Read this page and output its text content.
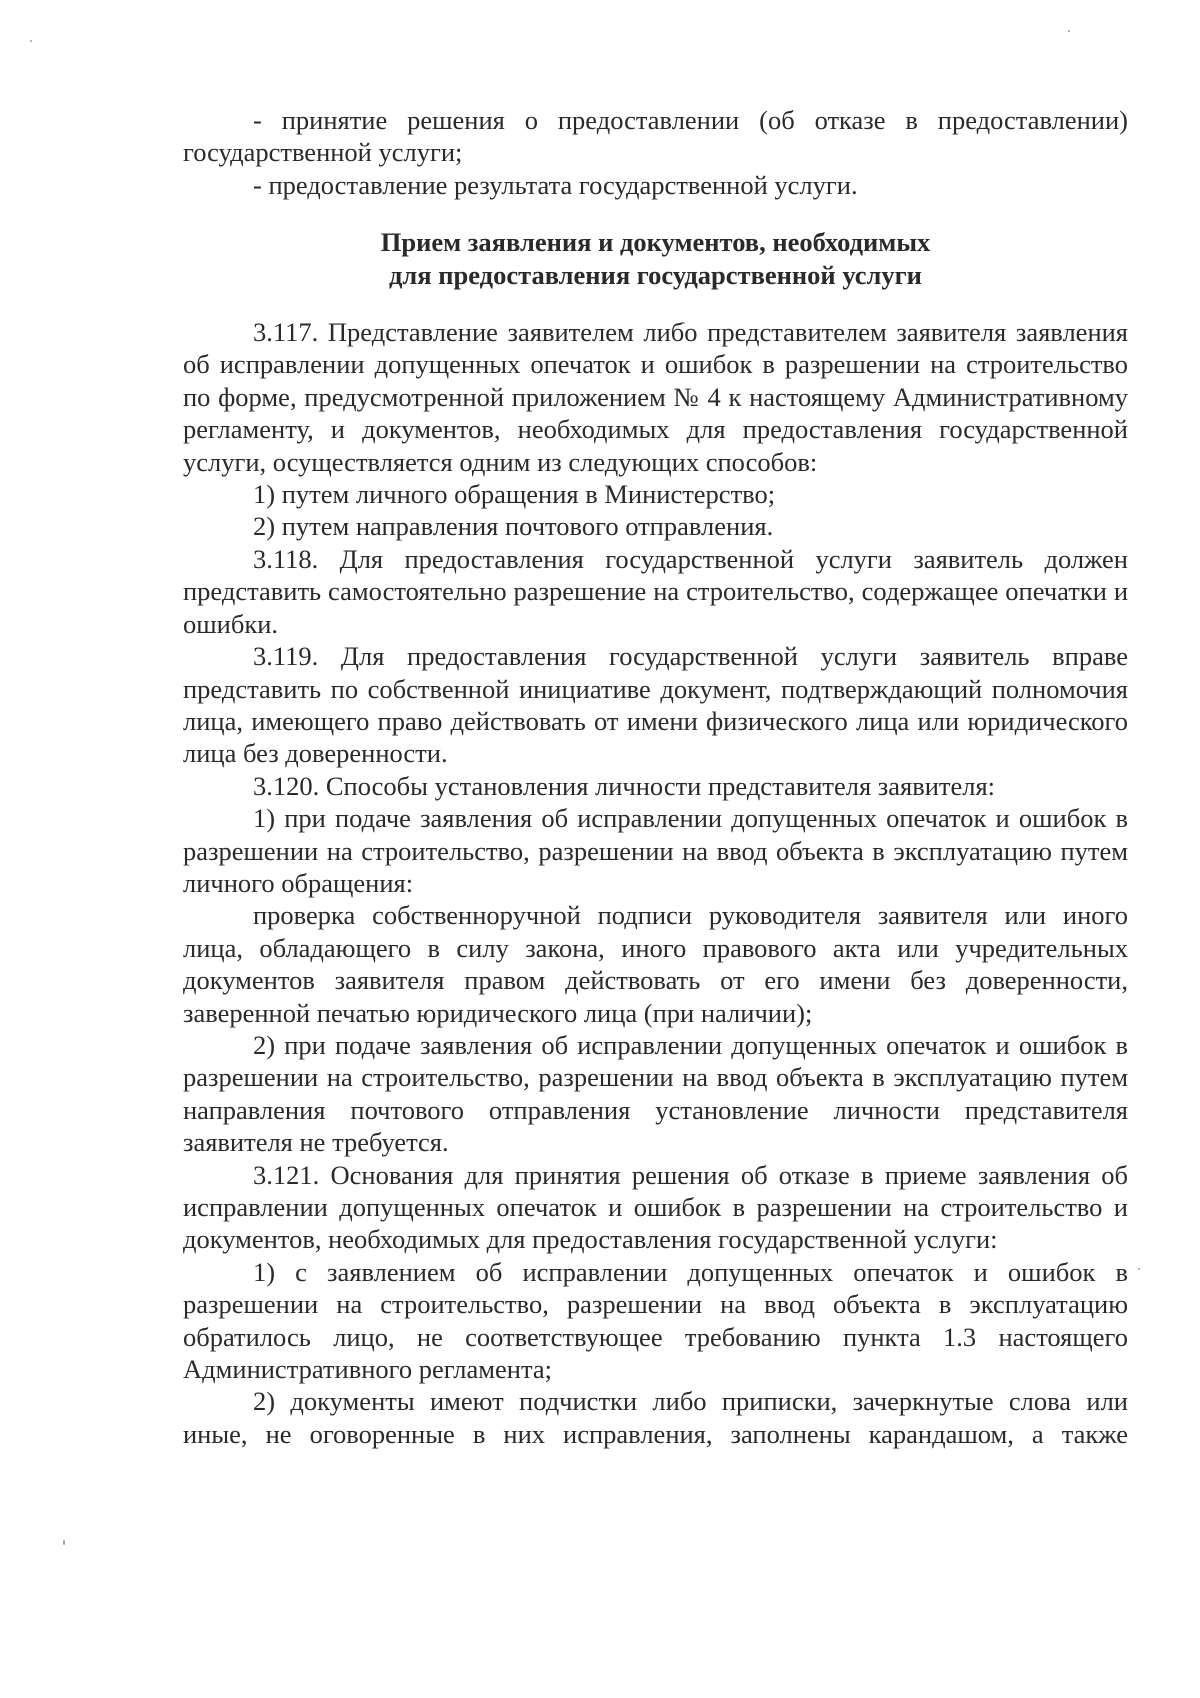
- принятие решения о предоставлении (об отказе в предоставлении) государственной услуги;

- предоставление результата государственной услуги.

Прием заявления и документов, необходимых
для предоставления государственной услуги

3.117. Представление заявителем либо представителем заявителя заявления об исправлении допущенных опечаток и ошибок в разрешении на строительство по форме, предусмотренной приложением № 4 к настоящему Административному регламенту, и документов, необходимых для предоставления государственной услуги, осуществляется одним из следующих способов:

1) путем личного обращения в Министерство;

2) путем направления почтового отправления.

3.118. Для предоставления государственной услуги заявитель должен представить самостоятельно разрешение на строительство, содержащее опечатки и ошибки.

3.119. Для предоставления государственной услуги заявитель вправе представить по собственной инициативе документ, подтверждающий полномочия лица, имеющего право действовать от имени физического лица или юридического лица без доверенности.

3.120. Способы установления личности представителя заявителя:

1) при подаче заявления об исправлении допущенных опечаток и ошибок в разрешении на строительство, разрешении на ввод объекта в эксплуатацию путем личного обращения:

проверка собственноручной подписи руководителя заявителя или иного лица, обладающего в силу закона, иного правового акта или учредительных документов заявителя правом действовать от его имени без доверенности, заверенной печатью юридического лица (при наличии);

2) при подаче заявления об исправлении допущенных опечаток и ошибок в разрешении на строительство, разрешении на ввод объекта в эксплуатацию путем направления почтового отправления установление личности представителя заявителя не требуется.

3.121. Основания для принятия решения об отказе в приеме заявления об исправлении допущенных опечаток и ошибок в разрешении на строительство и документов, необходимых для предоставления государственной услуги:

1) с заявлением об исправлении допущенных опечаток и ошибок в разрешении на строительство, разрешении на ввод объекта в эксплуатацию обратилось лицо, не соответствующее требованию пункта 1.3 настоящего Административного регламента;

2) документы имеют подчистки либо приписки, зачеркнутые слова или иные, не оговоренные в них исправления, заполнены карандашом, а также
